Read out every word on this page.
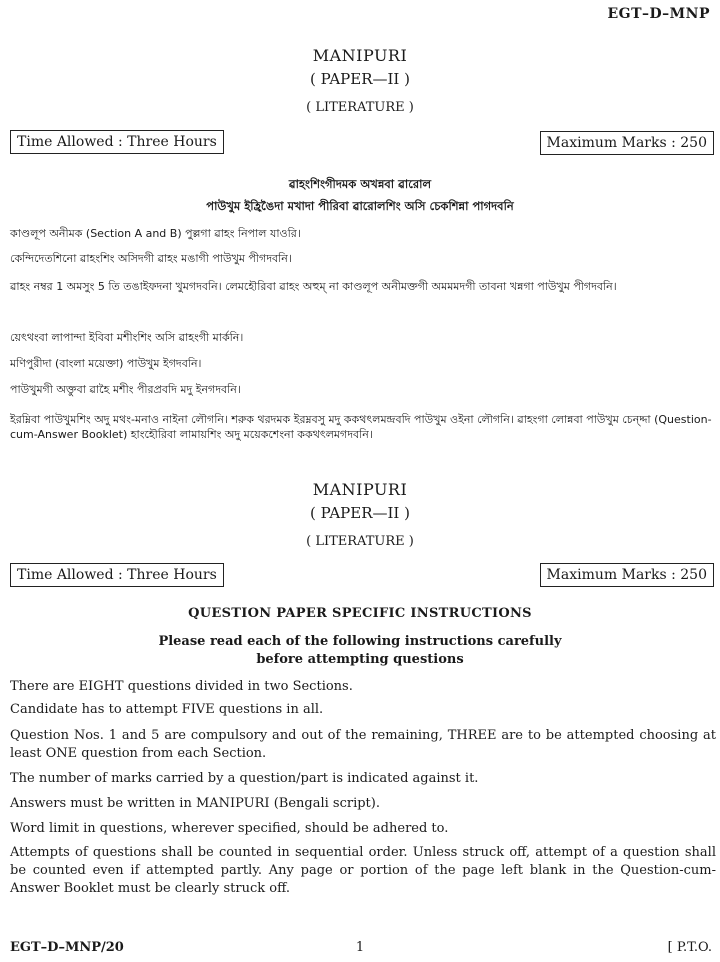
EGT–D–MNP
MANIPURI
( PAPER—II )
( LITERATURE )
Time Allowed : Three Hours	Maximum Marks : 250
ৱাহংশিংগীদমক অখন্নবা ৱারোল
পাউখুম ইহ্রিঙৈদা মখাদা পীরিবা ৱারোলশিং অসি চেকশিন্না পাগদবনি
কাণ্ডলূপ অনীমক (Section A and B) পুল্লগা ৱাহং নিপাল যাওরি।
কেন্দিদেতশিনো ৱাহংশিং অসিদগী ৱাহং মঙাগী পাউখুম পীগদবনি।
ৱাহং নম্বর 1 অমসুং 5 তি তঙাইফদনা খুমগদবনি। লেমহৌরিবা ৱাহং অহুম্ না কাণ্ডলূপ অনীমক্তগী অমমমদগী তাবনা খন্নগা পাউখুম পীগদবনি।
য়েৎথংবা লাপান্দা ইবিবা মশীংশিং অসি ৱাহংগী মার্কনি।
মণিপুরীদা (বাংলা ময়েক্তা) পাউখুম ইগদবনি।
পাউখুমগী অক্তুবা ৱাহৈ মশীং পীরপ্রবদি মদু ইনগদবনি।
ইরম্নিবা পাউখুমশিং অদু মথং-মনাও নাইনা লৌগনি। শরুক থরদমক ইরম্নবসু মদু ককথৎলমন্দ্রবদি পাউখুম ওইনা লৌগনি। ৱাহংগা লোন্নবা পাউখুম চেন্দ্দা (Question-cum-Answer Booklet) হাংহৌরিবা লামায়শিং অদু ময়েকশেংনা ককথৎলমগদবনি।
MANIPURI
( PAPER—II )
( LITERATURE )
Time Allowed : Three Hours	Maximum Marks : 250
QUESTION PAPER SPECIFIC INSTRUCTIONS
Please read each of the following instructions carefully
before attempting questions
There are EIGHT questions divided in two Sections.
Candidate has to attempt FIVE questions in all.
Question Nos. 1 and 5 are compulsory and out of the remaining, THREE are to be attempted choosing at least ONE question from each Section.
The number of marks carried by a question/part is indicated against it.
Answers must be written in MANIPURI (Bengali script).
Word limit in questions, wherever specified, should be adhered to.
Attempts of questions shall be counted in sequential order. Unless struck off, attempt of a question shall be counted even if attempted partly. Any page or portion of the page left blank in the Question-cum-Answer Booklet must be clearly struck off.
EGT–D–MNP/20	1	[ P.T.O.
